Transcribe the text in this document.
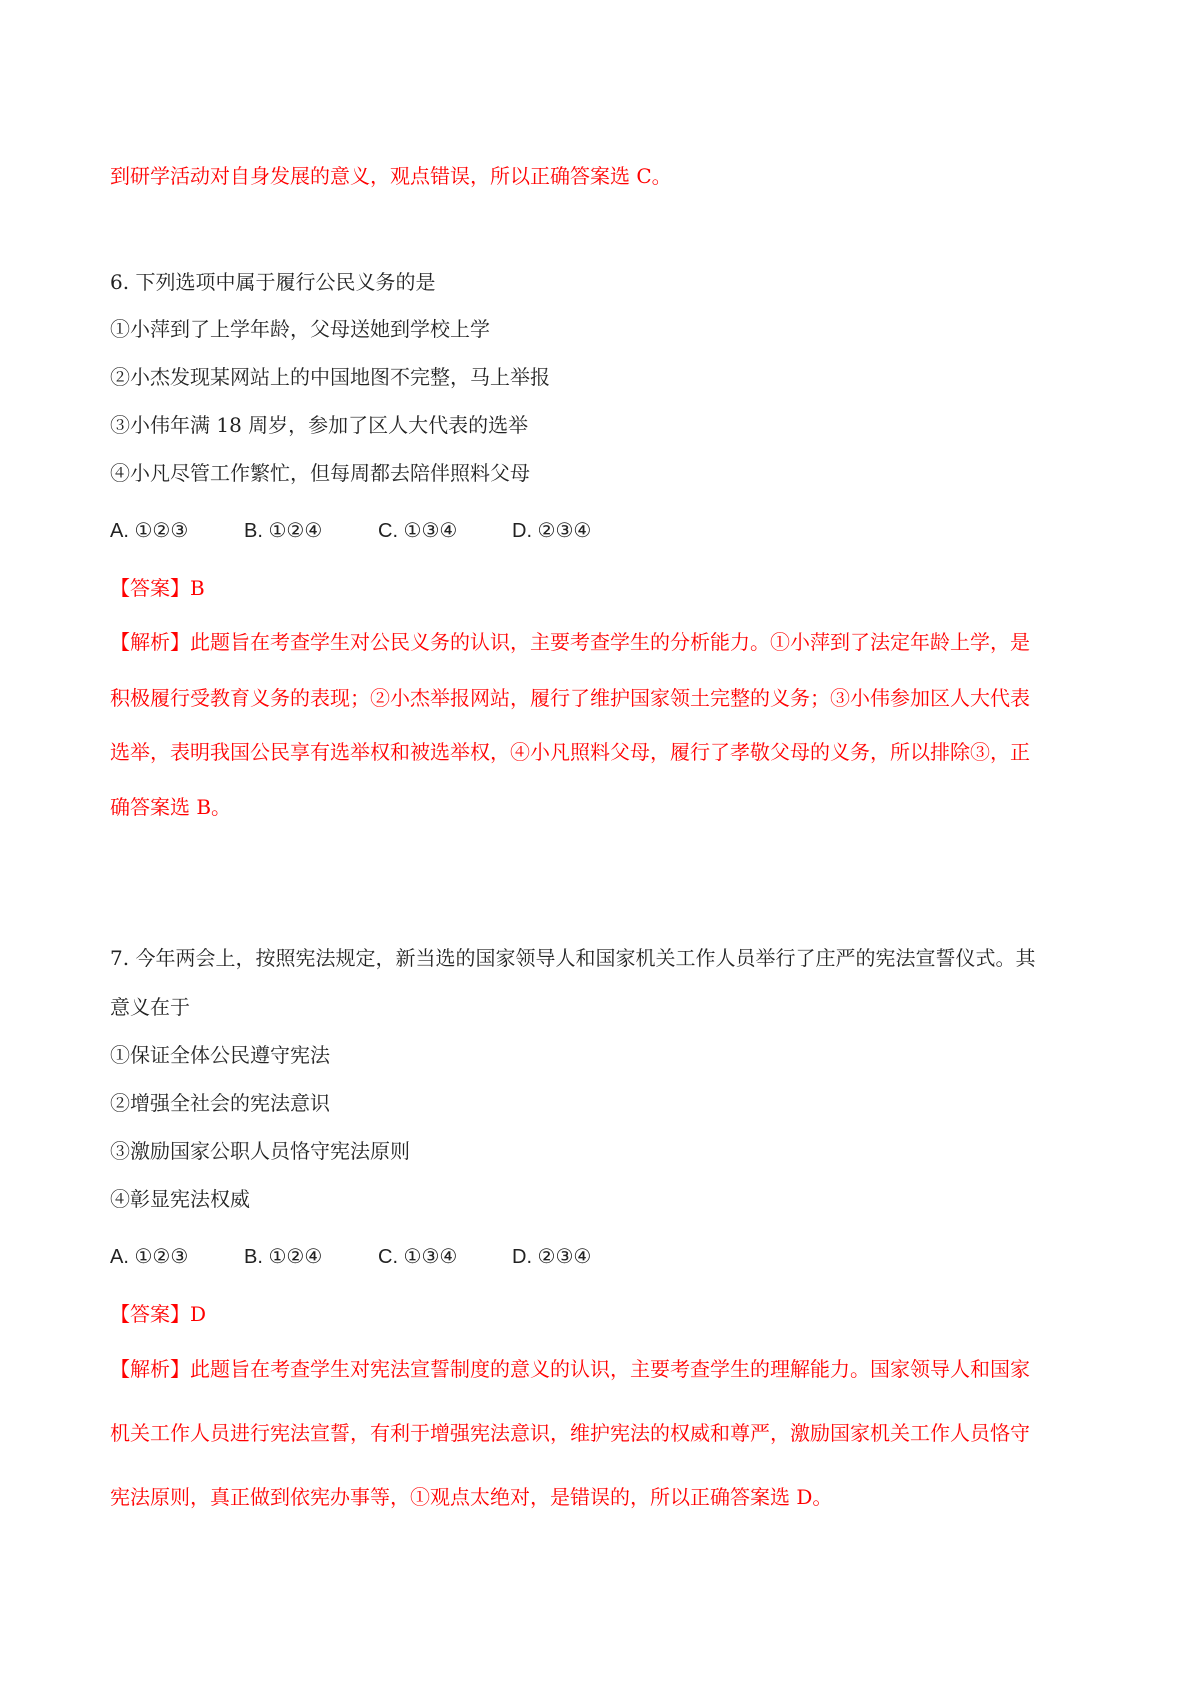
到研学活动对自身发展的意义，观点错误，所以正确答案选 C。

6. 下列选项中属于履行公民义务的是

①小萍到了上学年龄，父母送她到学校上学

②小杰发现某网站上的中国地图不完整，马上举报

③小伟年满 18 周岁，参加了区人大代表的选举

④小凡尽管工作繁忙，但每周都去陪伴照料父母

A. ①②③	B. ①②④	C. ①③④	D. ②③④

【答案】B

【解析】此题旨在考查学生对公民义务的认识，主要考查学生的分析能力。①小萍到了法定年龄上学，是

积极履行受教育义务的表现；②小杰举报网站，履行了维护国家领土完整的义务；③小伟参加区人大代表

选举，表明我国公民享有选举权和被选举权，④小凡照料父母，履行了孝敬父母的义务，所以排除③，正

确答案选 B。

7. 今年两会上，按照宪法规定，新当选的国家领导人和国家机关工作人员举行了庄严的宪法宣誓仪式。其

意义在于

①保证全体公民遵守宪法

②增强全社会的宪法意识

③激励国家公职人员恪守宪法原则

④彰显宪法权威

A. ①②③	B. ①②④	C. ①③④	D. ②③④

【答案】D

【解析】此题旨在考查学生对宪法宣誓制度的意义的认识，主要考查学生的理解能力。国家领导人和国家

机关工作人员进行宪法宣誓，有利于增强宪法意识，维护宪法的权威和尊严，激励国家机关工作人员恪守

宪法原则，真正做到依宪办事等，①观点太绝对，是错误的，所以正确答案选 D。
